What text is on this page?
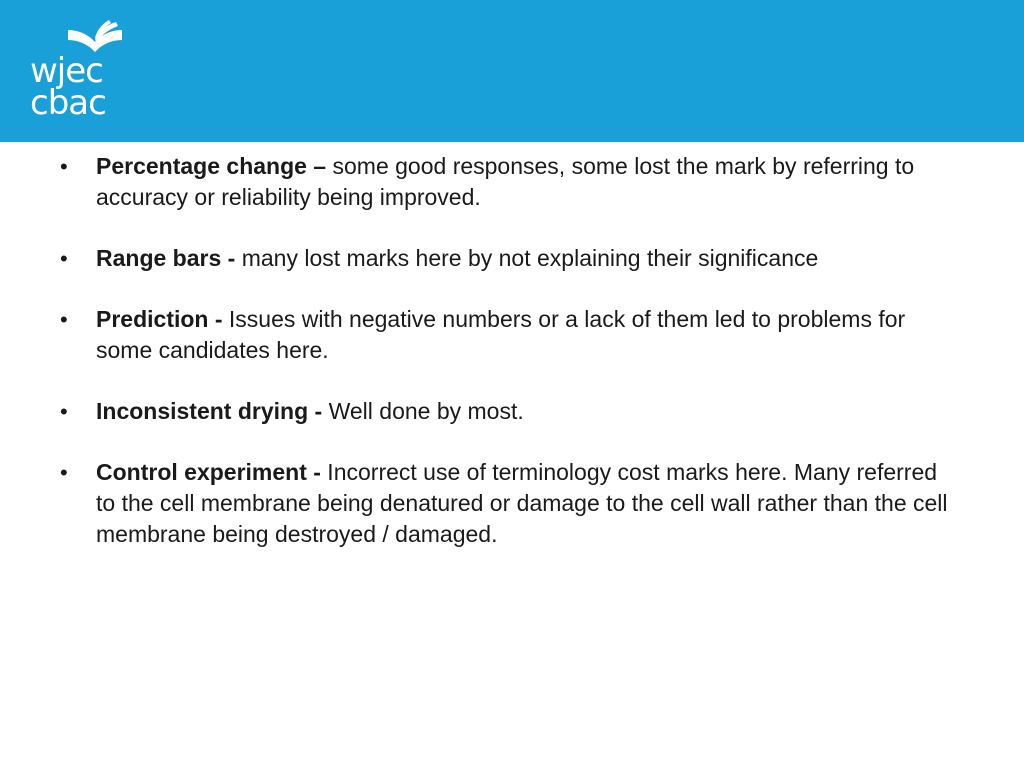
wjec
cbac
•	Percentage change – some good responses, some lost the mark by referring to accuracy or reliability being improved.
•	Range bars - many lost marks here by not explaining their significance
•	Prediction - Issues with negative numbers or a lack of them led to problems for some candidates here.
•	Inconsistent drying - Well done by most.
•	Control experiment - Incorrect use of terminology cost marks here. Many referred to the cell membrane being denatured or damage to the cell wall rather than the cell membrane being destroyed / damaged.
